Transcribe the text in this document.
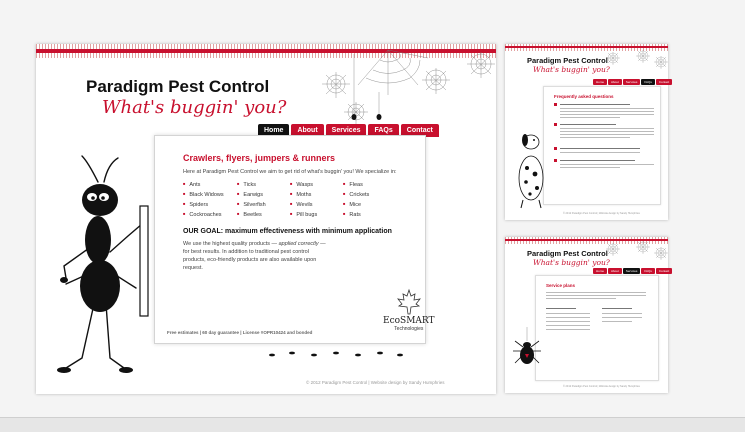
Paradigm Pest Control
What's buggin' you?
Home	About	Services	FAQs	Contact
Crawlers, flyers, jumpers & runners
Here at Paradigm Pest Control we aim to get rid of what's buggin' you! We specialize in:
■ Ants	■ Ticks	■ Wasps	■ Fleas
■ Black Widows	■ Earwigs	■ Moths	■ Crickets
■ Spiders	■ Silverfish	■ Wevils	■ Mice
■ Cockroaches	■ Beetles	■ Pill bugs	■ Rats
OUR GOAL: maximum effectiveness with minimum application
We use the highest quality products — applied correctly — for best results. In addition to traditional pest control products, eco-friendly products are also available upon request.
EcoSMART
Technologies
Free estimates | 60 day guarantee | License #OPR10424 and bonded
© 2012 Paradigm Pest Control | Website design by Sandy Humphries
Paradigm Pest Control
What's buggin' you?
Home	About	Services	FAQs	Contact
Frequently asked questions
© 2012 Paradigm Pest Control | Website design by Sandy Humphries
Paradigm Pest Control
What's buggin' you?
Home	About	Services	FAQs	Contact
Service plans
© 2012 Paradigm Pest Control | Website design by Sandy Humphries
